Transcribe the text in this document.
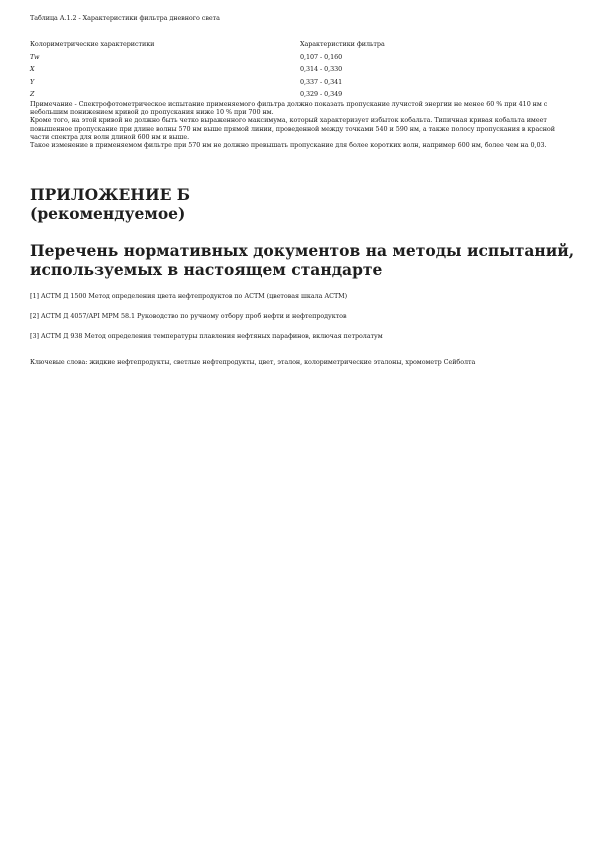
Таблица А.1.2 - Характеристики фильтра дневного света
Колориметрические характеристики	Характеристики фильтра
Tw	0,107 - 0,160
X	0,314 - 0,330
Y	0,337 - 0,341
Z	0,329 - 0,349

Примечание - Спектрофотометрическое испытание применяемого фильтра должно показать пропускание лучистой энергии не менее 60 % при 410 нм с небольшим понижением кривой до пропускания ниже 10 % при 700 нм.

Кроме того, на этой кривой не должно быть четко выраженного максимума, который характеризует избыток кобальта. Типичная кривая кобальта имеет повышенное пропускание при длине волны 570 нм выше прямой линии, проведенной между точками 540 и 590 нм, а также полосу пропускания в красной части спектра для волн длиной 600 нм и выше.

Такое изменение в применяемом фильтре при 570 нм не должно превышать пропускание для более коротких волн, например 600 нм, более чем на 0,03.

ПРИЛОЖЕНИЕ Б
(рекомендуемое)
Перечень нормативных документов на методы испытаний,
используемых в настоящем стандарте

[1] АСТМ Д 1500 Метод определения цвета нефтепродуктов по АСТМ (цветовая шкала АСТМ)

[2] АСТМ Д 4057/API МРМ 58.1 Руководство по ручному отбору проб нефти и нефтепродуктов

[3] АСТМ Д 938 Метод определения температуры плавления нефтяных парафинов, включая петролатум

Ключевые слова: жидкие нефтепродукты, светлые нефтепродукты, цвет, эталон, колориметрические эталоны, хромометр Сейболта
